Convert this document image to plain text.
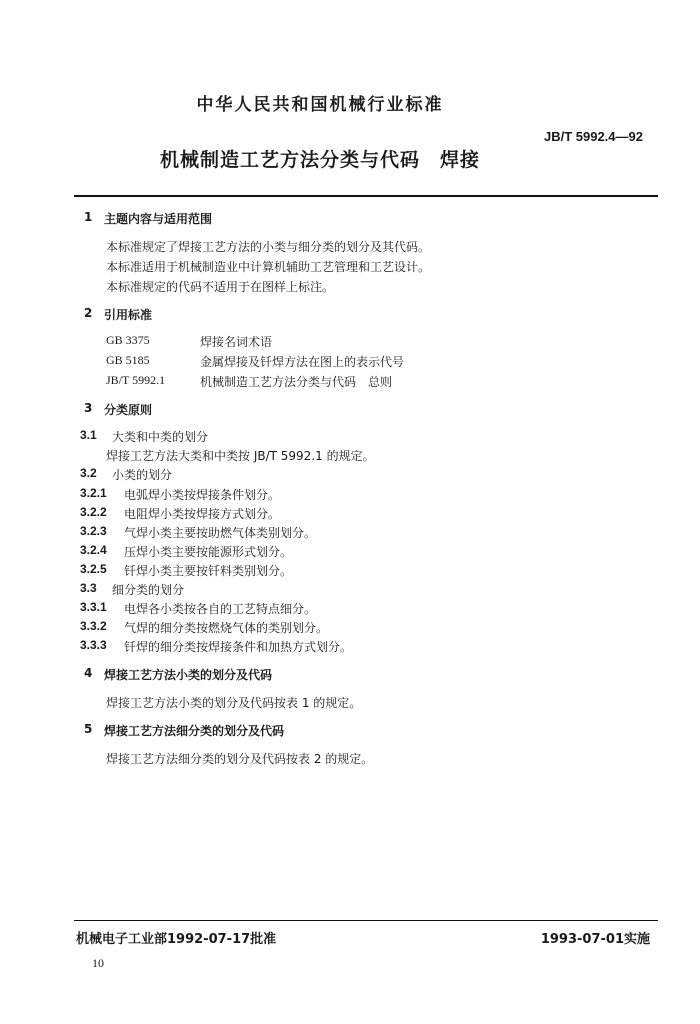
中华人民共和国机械行业标准
JB/T 5992.4—92
机械制造工艺方法分类与代码　焊接
1 主题内容与适用范围
本标准规定了焊接工艺方法的小类与细分类的划分及其代码。
本标准适用于机械制造业中计算机辅助工艺管理和工艺设计。
本标准规定的代码不适用于在图样上标注。
2 引用标准
GB 3375	焊接名词术语
GB 5185	金属焊接及钎焊方法在图上的表示代号
JB/T 5992.1	机械制造工艺方法分类与代码　总则
3 分类原则
3.1 大类和中类的划分
焊接工艺方法大类和中类按 JB/T 5992.1 的规定。
3.2 小类的划分
3.2.1 电弧焊小类按焊接条件划分。
3.2.2 电阻焊小类按焊接方式划分。
3.2.3 气焊小类主要按助燃气体类别划分。
3.2.4 压焊小类主要按能源形式划分。
3.2.5 钎焊小类主要按钎料类别划分。
3.3 细分类的划分
3.3.1 电焊各小类按各自的工艺特点细分。
3.3.2 气焊的细分类按燃烧气体的类别划分。
3.3.3 钎焊的细分类按焊接条件和加热方式划分。
4 焊接工艺方法小类的划分及代码
焊接工艺方法小类的划分及代码按表 1 的规定。
5 焊接工艺方法细分类的划分及代码
焊接工艺方法细分类的划分及代码按表 2 的规定。
机械电子工业部1992-07-17批准	1993-07-01实施
10
